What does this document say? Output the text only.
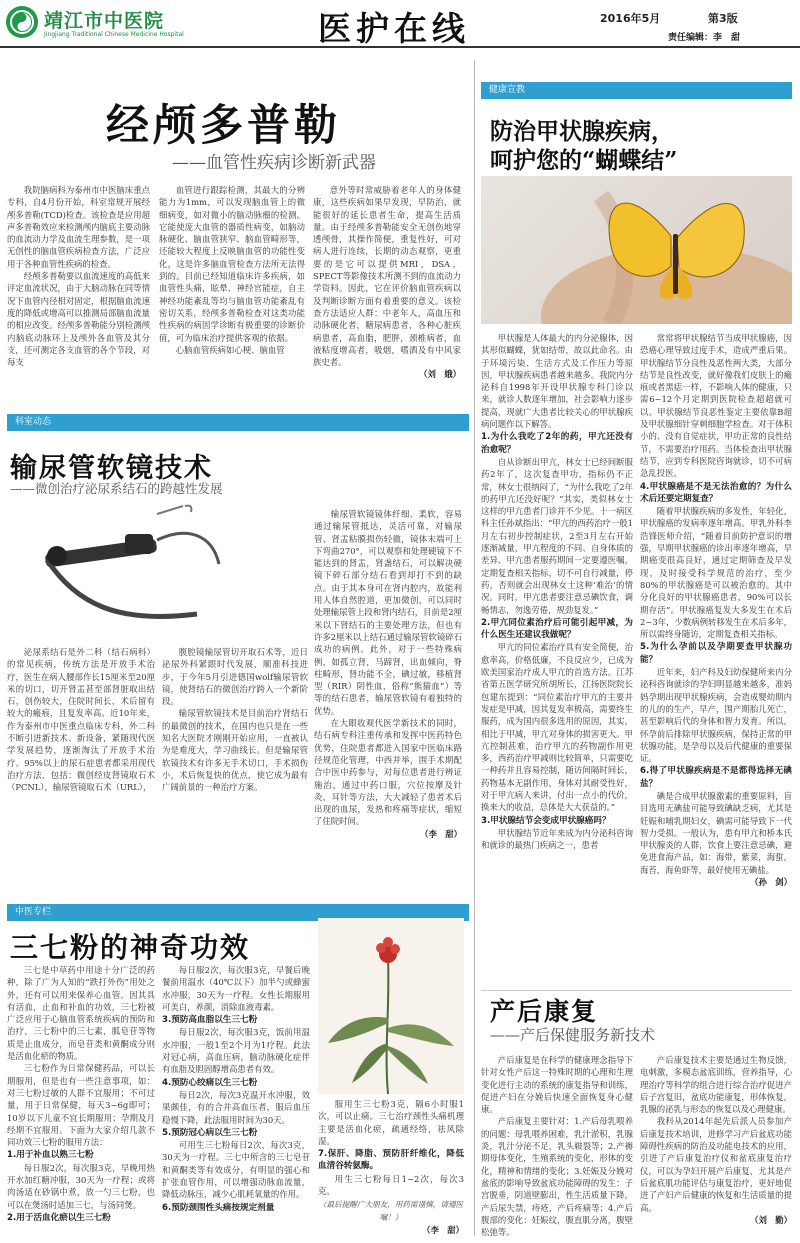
靖江市中医院
Jingjiang Traditional Chinese Medicine Hospital	医护在线	2016年5月	第3版
责任编辑：李　甜
经颅多普勒
——血管性疾病诊断新武器

我院脑病科为泰州市中医脑床重点专科，自4月份开始，科室常规开展经颅多普勒(TCD)检查。该检查是应用超声多普勒效应来检测颅内脑底主要动脉的血流动力学及血流生理参数，是一项无创性的脑血管疾病检查方法，广泛应用于各种血管性疾病的检查。

经颅多普勒要以血流速度的高低来评定血流状况，由于大脑动脉在同等情况下血管内径相对固定，根据脑血流速度的降低或增高可以推测局部脑血流量的相应改变。经颅多普勒能分别检测颅内脑底动脉环上及颅外各血管及其分支，还可测定各支血管的各个节段，对每支

血管进行跟踪检测，其最大的分辨能力为1mm，可以发现脑血管上的微细病变，如对微小的脑动脉瘤的检测。它能使庞大血管的器质性病变，如脑动脉硬化、脑血管狭窄、脑血管畸形等，还能较大程度上反映脑血管的功能性变化，这是许多脑血管检查方法所无法得到的。目前已经知道临床许多疾病，如血管性头痛，眩晕、神经官能症，自主神经功能紊乱等均与脑血管功能紊乱有密切关系，经颅多普勒检查对这类功能性疾病的病因学诊断有极重要的诊断价值，可为临床治疗提供客观的依据。

心脑血管疾病如心梗、脑血管

意外等时常威胁着老年人的身体健康，这些疾病如果早发现，早防治，就能很好的延长患者生命，提高生活质量。由于经颅多普勒能安全无创伤地穿透颅骨，其操作简便，重复性好，可对病人进行连续，长期的动态观察，更重要的是它可以提供MRI，DSA，SPECT等影像技术所测不到的血流动力学资料。因此，它在评价脑血管疾病以及判断诊断方面有着重要的意义。该检查方法适应人群：中老年人，高血压和动脉硬化者，糖尿病患者，各种心脏疾病患者，高血脂，肥胖，颈椎病者，血液粘度增高者，吸烟，嗜酒及有中风家族史者。

（刘　娥）
科室动态
输尿管软镜技术
——微创治疗泌尿系结石的跨越性发展

泌尿系结石是外二科（结石病科）的常见疾病，传统方法是开放手术治疗，医生在病人腰部作长15厘米至20厘米的切口，切开肾盂甚至部肾脏取出结石，创伤较大，住院时间长，术后留有较大的瘢痕，且复发率高。近10年来，作为泰州市中医重点临床专科，外二科不断引进新技术、新设备，紧随现代医学发展趋势，逐渐淘汰了开放手术治疗。95%以上的尿石症患者都采用现代治疗方法，包括：微创经皮肾镜取石术（PCNL），输尿管镜取石术（URL），

腹腔镜输尿管切开取石术等，近日泌尿外科紧跟时代发展，顺准科技进步，于今年5月引进德国wolf输尿管软镜，使肾结石的微创治疗跨入一个新阶段。

输尿管软镜技术是目前治疗肾结石的最微创的技术，在国内也只是在一些知名大医院才刚刚开始应用，一直被认为是难度大，学习曲线长。但是输尿管软镜技术有许多无手术切口，手术损伤小，术后恢复快的优点，使它成为最有广阔前景的一种治疗方案。

输尿管软镜镜体纤细、柔软，容易通过输尿管抵达，灵活可靠，对输尿管、肾盂粘膜损伤轻微，镜体末端可上下弯曲270°，可以观察和处理硬镜下不能达到的肾盂，肾盏结石，可以解决硬镜下碎石部分结石看到却打不到的缺点。由于其本身可在肾内腔内，故能利用人体自然腔道，更加微创，可以同时处理输尿管上段和肾内结石，目前是2厘米以下肾结石的主要处理方法，但也有许多2厘米以上结石通过输尿管软镜碎石成功的病例。此外，对于一些特殊病例，如孤立肾，马蹄肾，出血倾向，脊柱畸形，肾功能不全，碘过敏，移植肾型（RIR）阴性血，俗称“熊猫血”）等等的结石患者，输尿管软镜有着独特的优势。

在大眼收观代医学新技术的同时，结石病专科注重传承和发挥中医药特色优势，住院患者都进入国家中医临床路径规范化管理，中西并举，围手术期配合中医中药参与，对每位患者进行辨证施治，通过中药口服，穴位按摩及针灸，耳针等方法，大大减轻了患者术后出现的血尿，发热和疼痛等症状，缩短了住院时间。

（李　甜）
健康宣教
防治甲状腺疾病，
呵护您的“蝴蝶结”

甲状腺是人体最大的内分泌腺体，因其形似蝴蝶，犹如结带，故以此命名。由于环境污染、生活方式及工作压力等原因，甲状腺疾病患者越来越多。我院内分泌科自1998年开设甲状腺专科门诊以来，就诊人数逐年增加，社会影响力逐步提高，现就广大患者比较关心的甲状腺疾病问题作以下解答。

1.为什么我吃了2年的药，甲亢还没有治愈呢？

自从诊断出甲亢，林女士已经间断服药2年了，这次复查甲功，指标仍不正常，林女士很纳闷了，“为什么我吃了2年的药甲亢还没好呢？”其实，类似林女士这样的甲亢患者门诊并不少见。十一病区科主任孙斌指出：“甲亢的西药治疗一般1月左右初步控制症状，2至3月左右开始逐渐减量，甲亢程度的不同、自身体质的差异、甲亢患者服药期间一定要遵医嘱，定期复查相关指标，切不可自行减量，停药，否则就会出现林女士这种‘难治’的情况。同时，甲亢患者要注意忌碘饮食，调畅情志，勿逸劳倦，规劲复发。”

2.甲亢同位素治疗后可能引起甲减，为什么医生还建议我做呢？

甲亢的同位素治疗具有安全简便，治愈率高，价格低廉，不良反应少，已成为欧美国家治疗成人甲亢的首选方法。江苏省第五医学研究所胡所长，江扬医院院长包建东提到：“同位素治疗甲亢的主要并发症是甲减，因其复发率极高，需要终生服药，成为国内很多选用的原因，其实，相比于甲减，甲亢对身体的损害更大。甲亢控制甚难，治疗甲亢的药物副作用更多，西药治疗甲减则比较简单，只需要吃一种药并且容易控制，随访间隔时间长，药物基本无副作用，身体对其耐受性好，对于甲亢病人来讲，付出一点小的代价，换来大的收益，总体是大大获益的。”

3.甲状腺结节会变成甲状腺癌吗？

甲状腺结节近年来成为内分泌科咨询和就诊的最热门疾病之一，患者

常常将甲状腺结节当成甲状腺癌，因恐癌心理导致过度手术，造成严重后果。甲状腺结节分良性及恶性两大类，大部分结节是良性改变，就好像我们皮肤上的瘢痕或者黑痣一样，不影响人体的健康，只需6~12个月定期到医院检查超超就可以。甲状腺结节良恶性鉴定主要依靠B超及甲状腺细针穿刺细胞学检查。对于体积小的、没有自觉症状，甲功正常的良性结节，不需要治疗用药。当体检查出甲状腺结节，应到专科医院咨询就诊，切不可病急乱投医。

4.甲状腺癌是不是无法治愈的？为什么术后还要定期复查？

随着甲状腺疾病的多发性，年轻化，甲状腺癌的发病率逐年增高。甲乳外科李浩锋医师介绍，“随着目前防护意识的增强，早期甲状腺癌的诊出率逐年增高，早期癌变很高良好，通过定期筛查及早发现，及时接受科学规范的治疗，至少80%的甲状腺癌是可以被治愈的。其中分化良好的甲状腺癌患者，90%可以长期存活”。甲状腺癌复发大多发生在术后2~3年，少数病例转移发生在术后多年，所以需终身随访，定期复查相关指标。

5.为什么孕前以及孕期要查甲状腺功能？

近年来，妇产科及妇幼保健所来内分泌科咨询就诊的孕妇明显越来越多，准妈妈孕期出现甲状腺疾病，会造成婴幼期内的儿的的生产，早产，围产期胎儿死亡，甚至影响后代的身体和智力发育。所以，怀孕前后排除甲状腺疾病，保持正常的甲状腺功能，是孕母以及后代健康的重要保证。

6.得了甲状腺疾病是不是都得选择无碘盐？

碘是合成甲状腺激素的重要原料，盲目选用无碘盐可能导致碘缺乏病，尤其是妊娠和哺乳期妇女，碘需可能导致下一代智力受损。一般认为，患有甲亢和桥本氏甲状腺炎的人群，饮食上要注意忌碘，避免进食海产品，如：海带，紫菜，海蜇，海苔，海鱼虾等，最好使用无碘盐。

（孙　剑）
中医专栏
三七粉的神奇功效

三七是中草药中用途十分广泛的药种，除了广为人知的“跌打外伤”用处之外，还有可以用来保养心血管。因其具有活血，止血和补血的功效，三七粉被广泛应用于心脑血管系统疾病的预防和治疗，三七粉中的三七素，胍皂苷等物质是止血成分，而皂苷类和黄酮成分则是活血化瘀的物质。

三七粉作为日常保健药品，可以长期服用，但是也有一些注意事项，如：对三七粉过敏的人群不宜服用；不可过量，用于日常保健，每天3~6g即可；10岁以下儿童不宜长期服用；孕期及月经期不宜服用。下面为大家介绍几款不同功效三七粉的服用方法：

1.用于补血以熟三七粉

每日服2次，每次服3克，早晚用热开水加红糖冲服，30天为一疗程；或将肉汤适在砂锅中煮，放一勺三七粉，也可以在煲汤时适加三七，与汤同煲。

2.用于活血化瘀以生三七粉

每日服2次，每次服3克，早餐后晚餐前用温水（40℃以下）加半勺或蜂蜜水冲服，30天为一疗程。女性长期服用可美白，养颜，消除血液毒素。

3.预防高血脂以生三七粉

每日服2次，每次服3克，饭前用温水冲服，一般1至2个月为1疗程。此法对冠心病，高血压病，脑动脉硬化症伴有血脂及胆固醇增高患者有效。

4.预防心绞痛以生三七粉

每日2次，每次3克温开水冲服，效果颇佳，有的合并高血压者，服后血压稳慢下降，此法服用时间为30天。

5.预防冠心病以生三七粉

可用生三七粉每日2次，每次3克，30天为一疗程。三七中所含的三七皂苷和黄酮类等有效成分，有明显的强心和扩张血管作用，可以增强动脉血流量，降低动脉压，减少心肌耗氧量的作用。

6.预防颈围性头痛按规定剂量

服用生三七粉3克，隔6小时服1次，可以止痛。三七治疗颈性头痛机理主要是活血化瘀，疏通经络，祛风除湿。

7.保肝、降脂、预防肝纤维化，降低血清谷转氨酶。

用生三七粉每日1~2次，每次3克。

（最后提醒广大朋友，用药需谨慎，请遵医嘱！）
（李　甜）
产后康复
——产后保健服务新技术

产后康复是在科学的健康理念指导下针对女性产后这一特殊时期的心理和生理变化进行主动的系统的康复指导和训练，促进产妇在分娩后快速全面恢复身心健康。

产后康复主要针对：1.产后母乳喂养的问题：母乳喂养困难，乳汁淤积，乳腺炎，乳汁分泌不足，乳头皲裂等；2.产褥期母体变化，生殖系统的变化，形体的变化，精神和情绪的变化；3.妊娠及分娩对盆底的影响导致盆底功能障碍的发生：子宫脱垂，阴道壁膨出，性生活质量下降，产后尿失禁，痔疮，产后疼痛等；4.产后腹部的变化：妊娠纹，腹直肌分离，腹壁松弛等。

产后康复技术主要是通过生物反馈，电刺激，多模态盆底训练，营养指导，心理治疗等科学的组合进行综合治疗促进产后子宫复旧，盆底功能康复，形体恢复，乳腺的泌乳与形态的恢复以及心理健康。

我科从2014年起先后派人员参加产后康复技术培训，进修学习产后盆底功能障碍性疾病的防治及功能电技术的应用，引进了产后康复治疗仪和盆底康复治疗仪，可以为孕妇开展产后康复，尤其是产后盆底肌功能评估与康复治疗，更好地促进了产妇产后健康的恢复和生活质量的提高。

（刘　勤）
